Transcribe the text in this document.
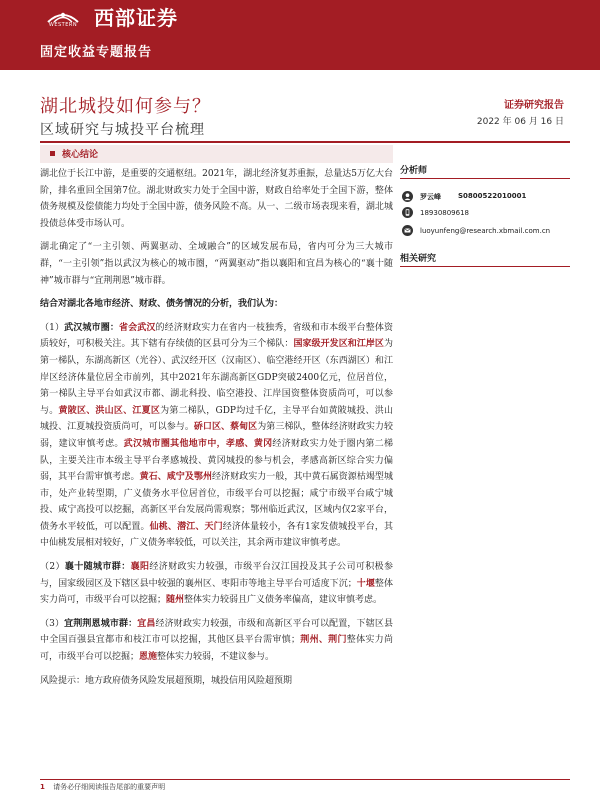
WESTERN 西部证券
固定收益专题报告
湖北城投如何参与？
区域研究与城投平台梳理
证券研究报告
2022 年 06 月 16 日
核心结论

湖北位于长江中游，是重要的交通枢纽。2021年，湖北经济复苏重振，总量达5万亿大台阶，排名重回全国第7位。湖北财政实力处于全国中游，财政自给率处于全国下游，整体债务规模及偿债能力均处于全国中游，债务风险不高。从一、二级市场表现来看，湖北城投债总体受市场认可。

湖北确定了“一主引领、两翼驱动、全域融合”的区域发展布局，省内可分为三大城市群，“一主引领”指以武汉为核心的城市圈，“两翼驱动”指以襄阳和宜昌为核心的“襄十随神”城市群与“宜荆荆恩”城市群。

结合对湖北各地市经济、财政、债务情况的分析，我们认为：

（1）武汉城市圈：省会武汉的经济财政实力在省内一枝独秀，省级和市本级平台整体资质较好，可积极关注。其下辖有存续债的区县可分为三个梯队：国家级开发区和江岸区为第一梯队，东湖高新区（光谷）、武汉经开区（汉南区）、临空港经开区（东西湖区）和江岸区经济体量位居全市前列，其中2021年东湖高新区GDP突破2400亿元，位居首位，第一梯队主导平台如武汉市都、湖北科投、临空港投、江岸国资整体资质尚可，可以参与。黄陂区、洪山区、江夏区为第二梯队，GDP均过千亿，主导平台如黄陂城投、洪山城投、江夏城投资质尚可，可以参与。硚口区、蔡甸区为第三梯队，整体经济财政实力较弱，建议审慎考虑。武汉城市圈其他地市中，孝感、黄冈经济财政实力处于圈内第二梯队，主要关注市本级主导平台孝感城投、黄冈城投的参与机会，孝感高新区综合实力偏弱，其平台需审慎考虑。黄石、咸宁及鄂州经济财政实力一般，其中黄石属资源枯竭型城市，处产业转型期，广义债务水平位居首位，市级平台可以挖掘；咸宁市级平台咸宁城投、咸宁高投可以挖掘，高新区平台发展尚需观察；鄂州临近武汉，区域内仅2家平台，债务水平较低，可以配置。仙桃、潜江、天门经济体量较小，各有1家发债城投平台，其中仙桃发展相对较好，广义债务率较低，可以关注，其余两市建议审慎考虑。

（2）襄十随城市群：襄阳经济财政实力较强，市级平台汉江国投及其子公司可积极参与，国家级园区及下辖区县中较强的襄州区、枣阳市等地主导平台可适度下沉；十堰整体实力尚可，市级平台可以挖掘；随州整体实力较弱且广义债务率偏高，建议审慎考虑。

（3）宜荆荆恩城市群：宜昌经济财政实力较强，市级和高新区平台可以配置，下辖区县中全国百强县宜都市和枝江市可以挖掘，其他区县平台需审慎；荆州、荆门整体实力尚可，市级平台可以挖掘；恩施整体实力较弱，不建议参与。

风险提示：地方政府债务风险发展超预期，城投信用风险超预期

分析师
罗云峰 S0800522010001
18930809618
luoyunfeng@research.xbmail.com.cn
相关研究
1 请务必仔细阅读报告尾部的重要声明
